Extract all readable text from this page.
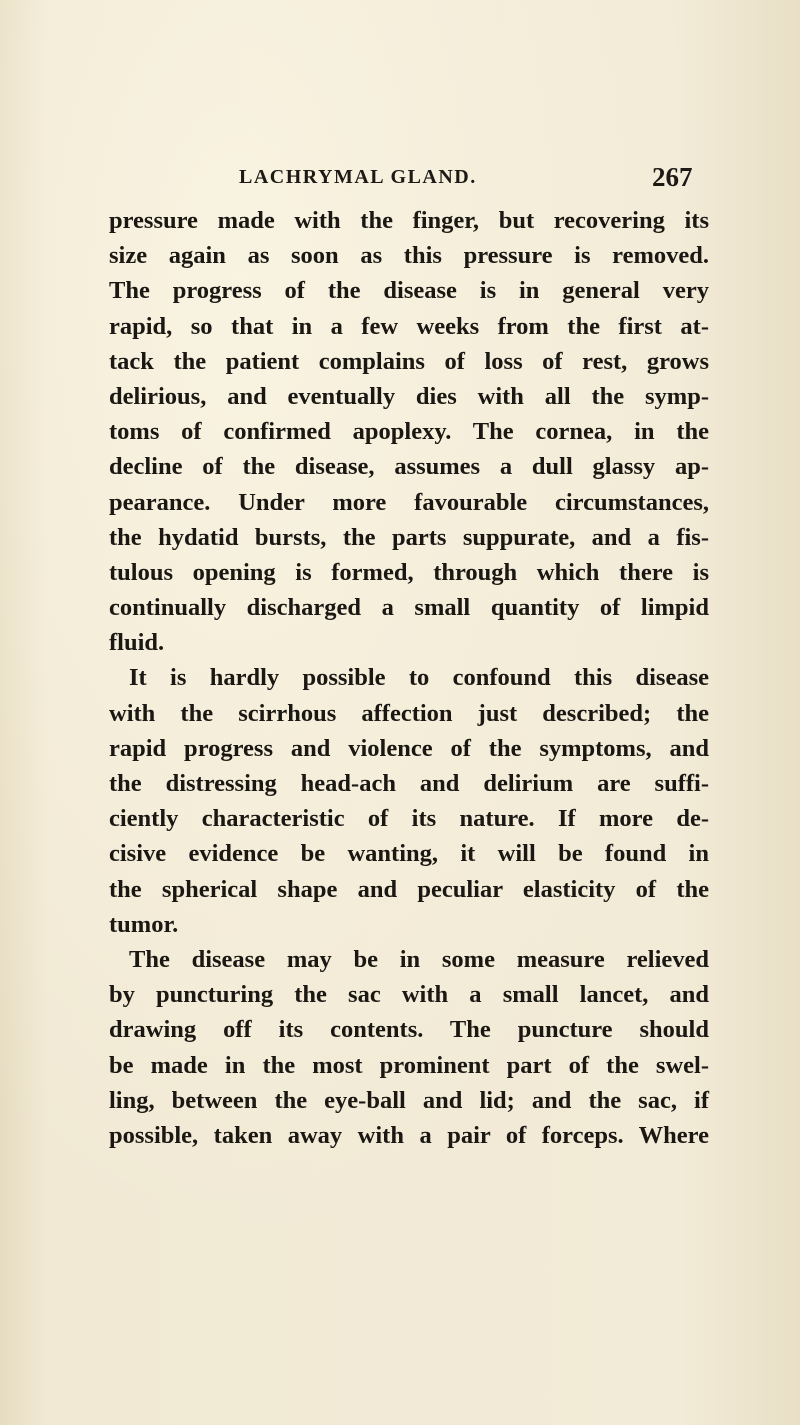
LACHRYMAL GLAND.	267
pressure made with the finger, but recovering its
size again as soon as this pressure is removed.
The progress of the disease is in general very
rapid, so that in a few weeks from the first at-
tack the patient complains of loss of rest, grows
delirious, and eventually dies with all the symp-
toms of confirmed apoplexy. The cornea, in the
decline of the disease, assumes a dull glassy ap-
pearance. Under more favourable circumstances,
the hydatid bursts, the parts suppurate, and a fis-
tulous opening is formed, through which there is
continually discharged a small quantity of limpid
fluid.
It is hardly possible to confound this disease
with the scirrhous affection just described; the
rapid progress and violence of the symptoms, and
the distressing head-ach and delirium are suffi-
ciently characteristic of its nature. If more de-
cisive evidence be wanting, it will be found in
the spherical shape and peculiar elasticity of the
tumor.
The disease may be in some measure relieved
by puncturing the sac with a small lancet, and
drawing off its contents. The puncture should
be made in the most prominent part of the swel-
ling, between the eye-ball and lid; and the sac, if
possible, taken away with a pair of forceps. Where
